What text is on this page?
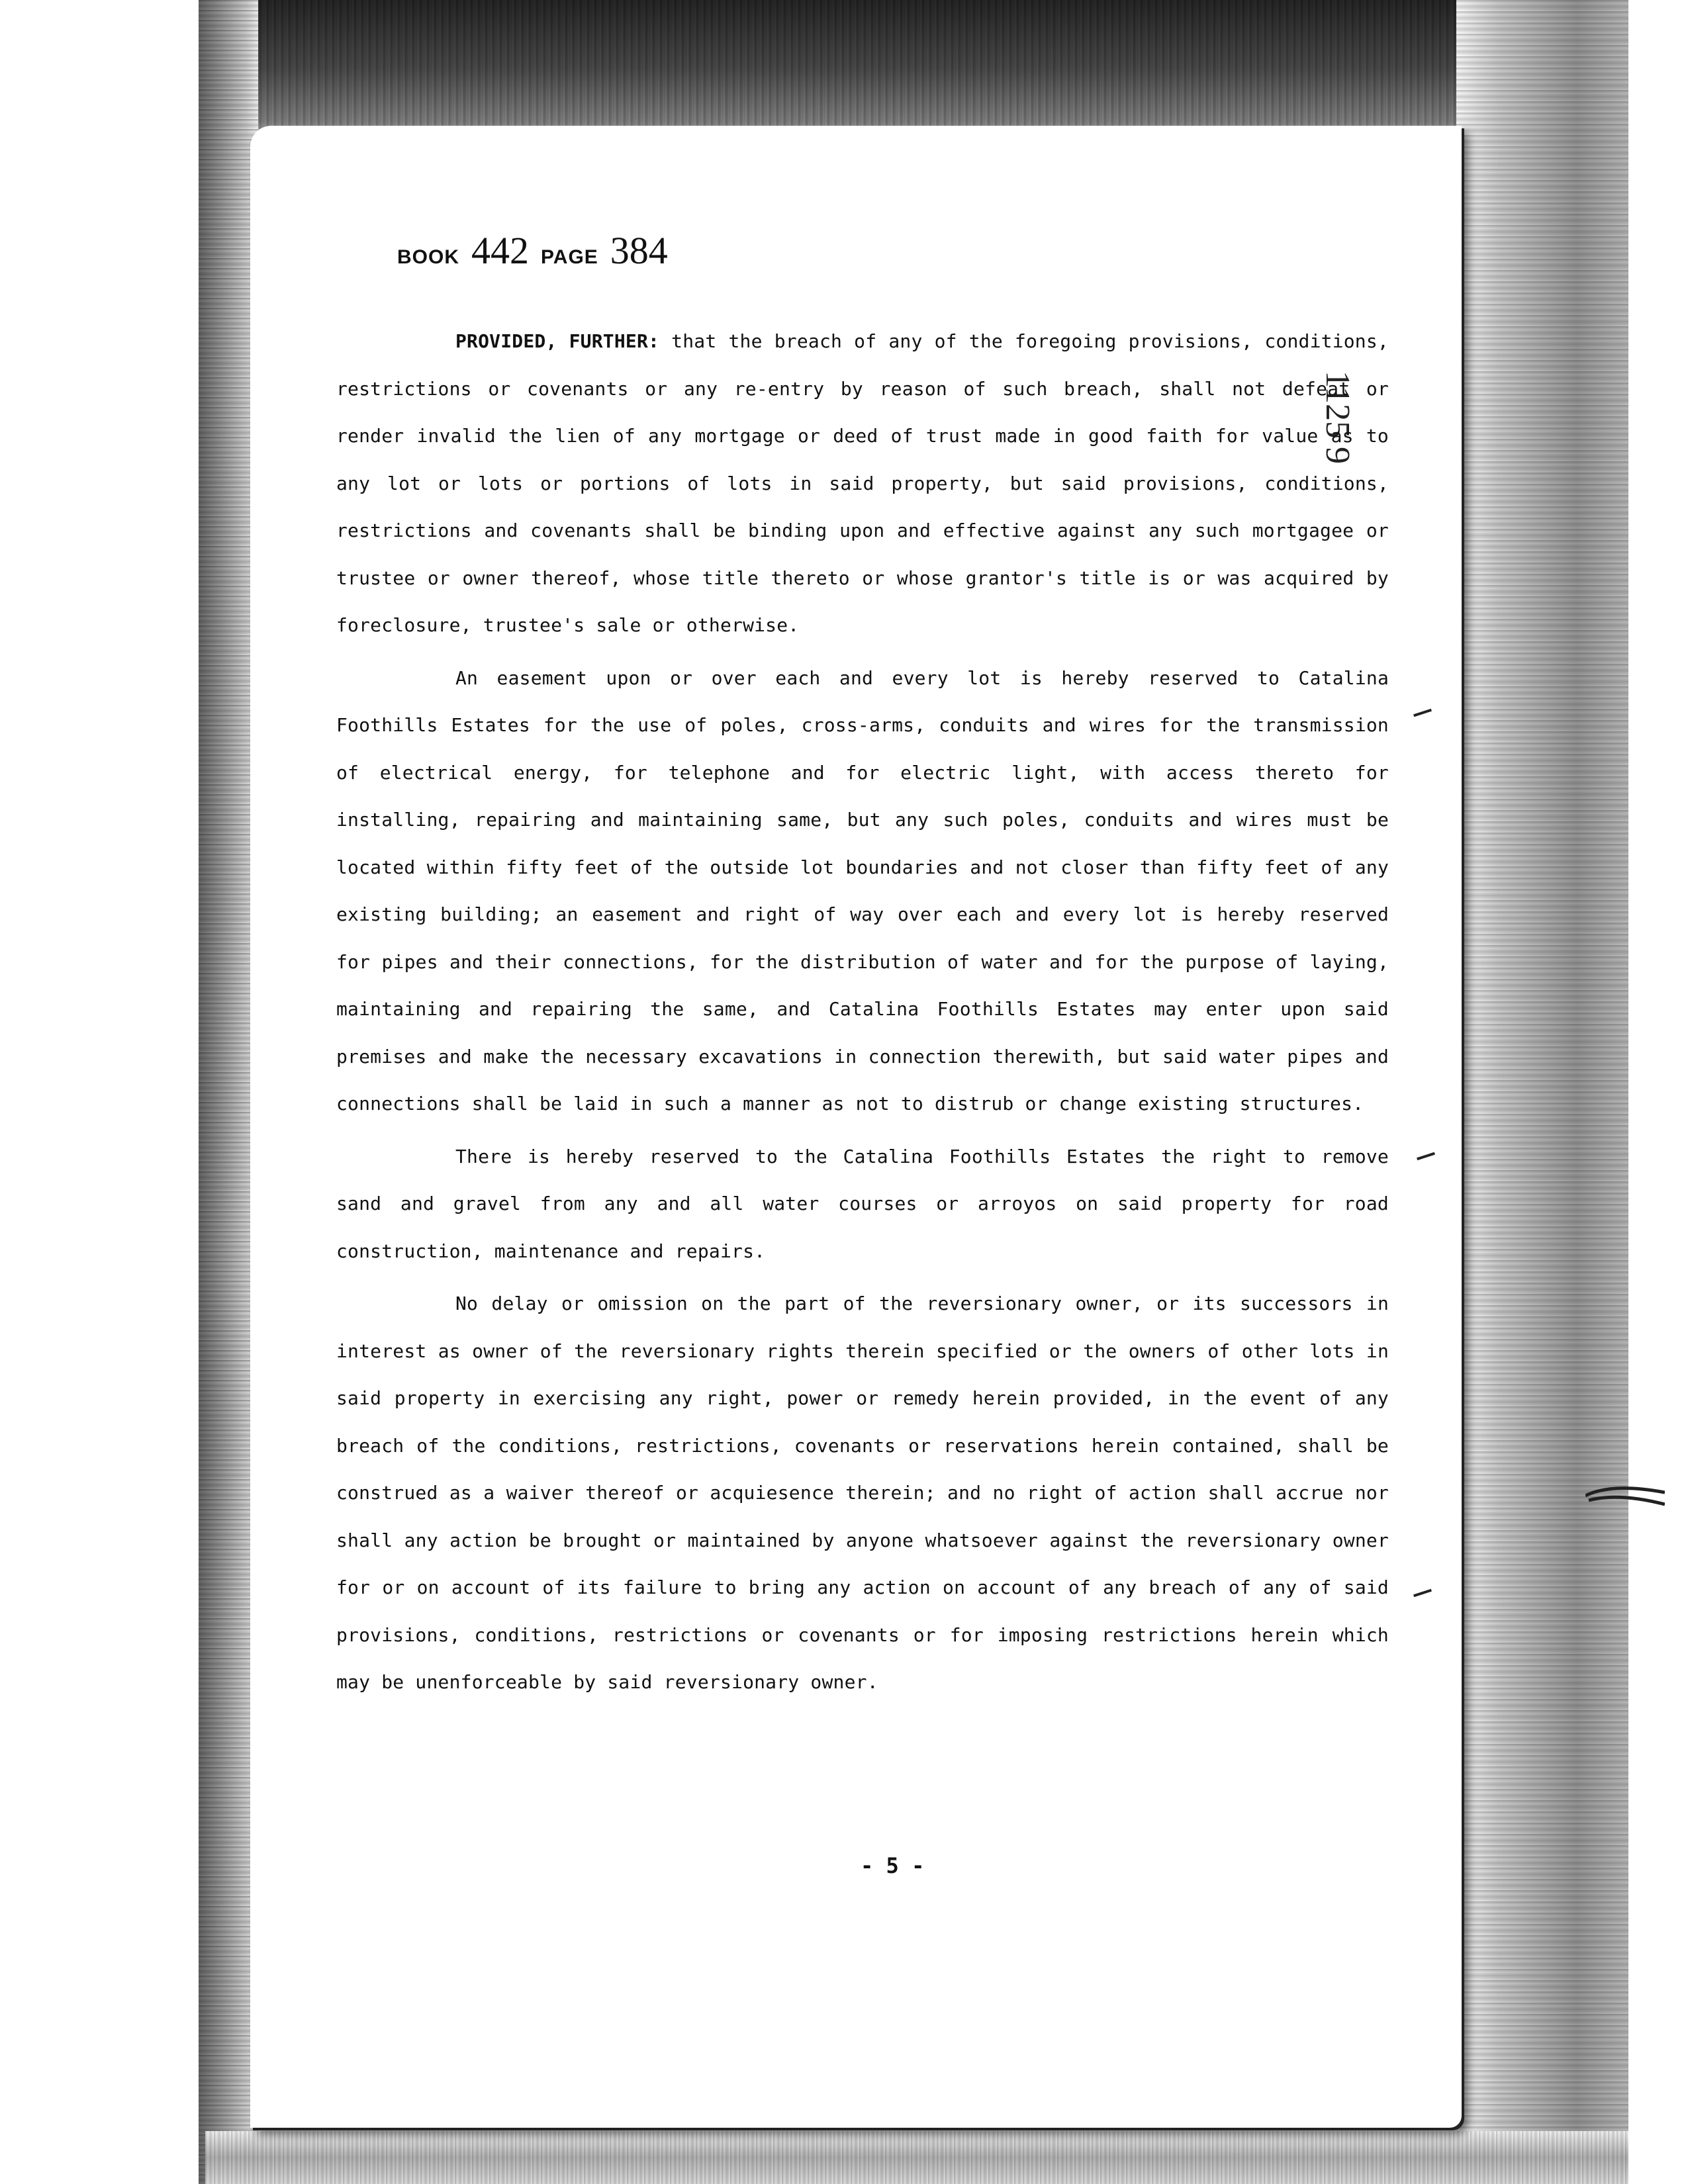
BOOK 442 PAGE 384
1125 9

PROVIDED, FURTHER: that the breach of any of the foregoing provisions, conditions, restrictions or covenants or any re-entry by reason of such breach, shall not defeat or render invalid the lien of any mortgage or deed of trust made in good faith for value as to any lot or lots or portions of lots in said property, but said provisions, conditions, restrictions and covenants shall be binding upon and effective against any such mortgagee or trustee or owner thereof, whose title thereto or whose grantor's title is or was acquired by foreclosure, trustee's sale or otherwise.

An easement upon or over each and every lot is hereby reserved to Catalina Foothills Estates for the use of poles, cross-arms, conduits and wires for the transmission of electrical energy, for telephone and for electric light, with access thereto for installing, repairing and maintaining same, but any such poles, conduits and wires must be located within fifty feet of the outside lot boundaries and not closer than fifty feet of any existing building; an easement and right of way over each and every lot is hereby reserved for pipes and their connections, for the distribution of water and for the purpose of laying, maintaining and repairing the same, and Catalina Foothills Estates may enter upon said premises and make the necessary excavations in connection therewith, but said water pipes and connections shall be laid in such a manner as not to distrub or change existing structures.

There is hereby reserved to the Catalina Foothills Estates the right to remove sand and gravel from any and all water courses or arroyos on said property for road construction, maintenance and repairs.

No delay or omission on the part of the reversionary owner, or its successors in interest as owner of the reversionary rights therein specified or the owners of other lots in said property in exercising any right, power or remedy herein provided, in the event of any breach of the conditions, restrictions, covenants or reservations herein contained, shall be construed as a waiver thereof or acquiesence therein; and no right of action shall accrue nor shall any action be brought or maintained by anyone whatsoever against the reversionary owner for or on account of its failure to bring any action on account of any breach of any of said provisions, conditions, restrictions or covenants or for imposing restrictions herein which may be unenforceable by said reversionary owner.

- 5 -
